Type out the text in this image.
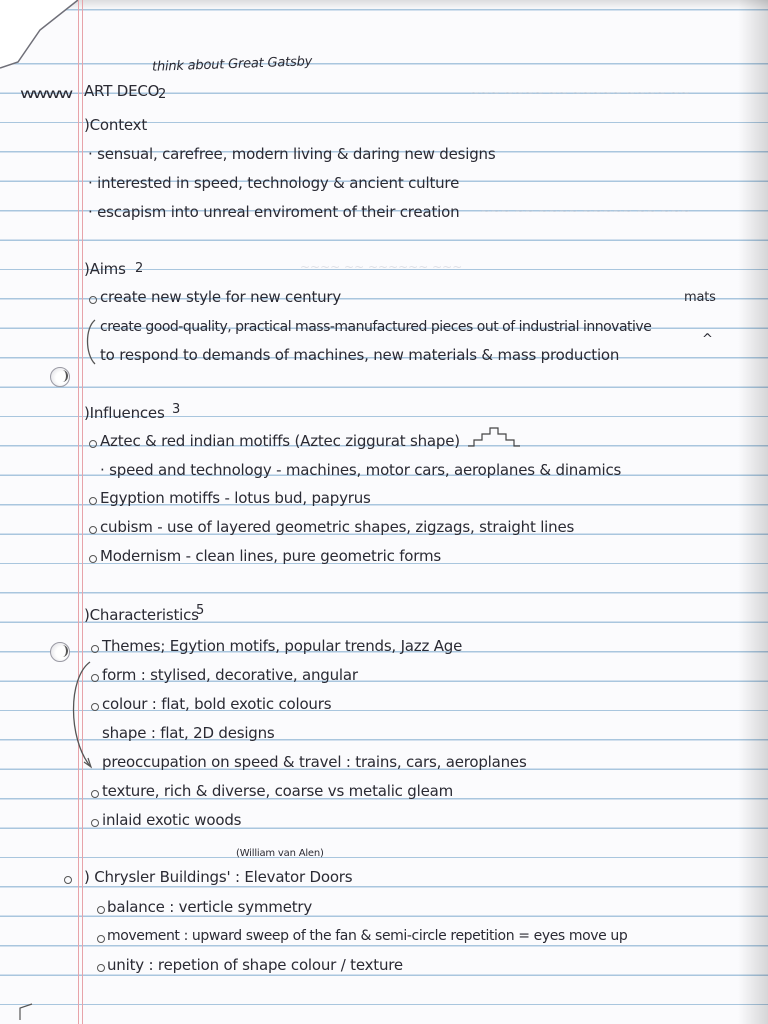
~~~ ~~~~ ~~ ~~~~~ ~~~~ ~~
~~~ ~~ ~~~~ ~~~~~ ~~ ~~~
~~~~ ~~ ~~~~~~ ~~~
think about Great Gatsby
wwww ART DECO
2
)Context
· sensual, carefree, modern living & daring new designs
· interested in speed, technology & ancient culture
· escapism into unreal enviroment of their creation
)Aims 2
create new style for new century	mats
create good-quality, practical mass-manufactured pieces out of industrial innovative
^
to respond to demands of machines, new materials & mass production
)Influences 3
Aztec & red indian motiffs (Aztec ziggurat shape)
· speed and technology - machines, motor cars, aeroplanes & dinamics
Egyption motiffs - lotus bud, papyrus
cubism - use of layered geometric shapes, zigzags, straight lines
Modernism - clean lines, pure geometric forms
)Characteristics
5
Themes; Egytion motifs, popular trends, Jazz Age
form : stylised, decorative, angular
colour : flat, bold exotic colours
shape : flat, 2D designs
preoccupation on speed & travel : trains, cars, aeroplanes
texture, rich & diverse, coarse vs metalic gleam
inlaid exotic woods
(William van Alen)
) Chrysler Buildings' : Elevator Doors
balance : verticle symmetry
movement : upward sweep of the fan & semi-circle repetition = eyes move up
unity : repetion of shape colour / texture
